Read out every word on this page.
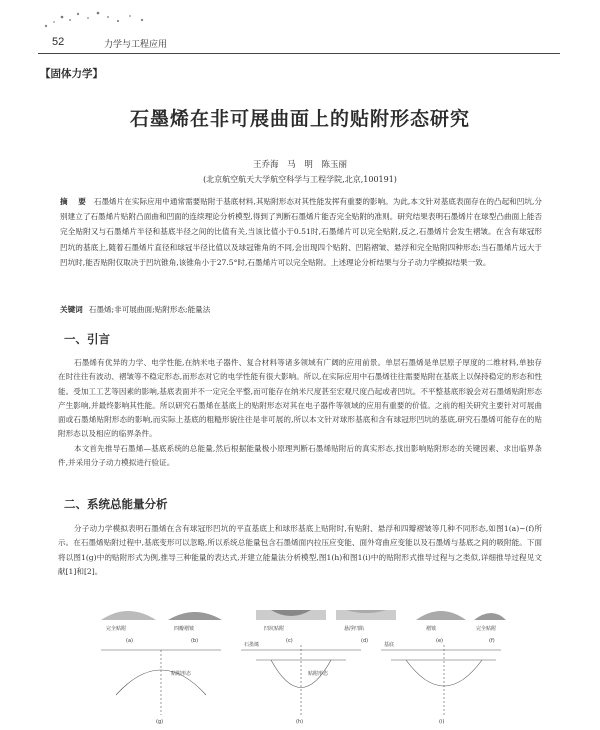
52	力学与工程应用
【固体力学】
石墨烯在非可展曲面上的贴附形态研究
王乔海 马 明 陈玉丽
(北京航空航天大学航空科学与工程学院,北京,100191)
摘 要 石墨烯片在实际应用中通常需要贴附于基底材料,其贴附形态对其性能发挥有重要的影响。为此,本文针对基底表面存在的凸起和凹坑,分别建立了石墨烯片贴附凸面曲和凹面的连续理论分析模型,得到了判断石墨烯片能否完全贴附的准则。研究结果表明石墨烯片在球型凸曲面上能否完全贴附又与石墨烯片半径和基底半径之间的比值有关,当该比值小于0.51时,石墨烯片可以完全贴附,反之,石墨烯片会发生褶皱。在含有球冠形凹坑的基底上,随着石墨烯片直径和球冠半径比值以及球冠锥角的不同,会出现四个贴附、凹陷褶皱、悬浮和完全贴附四种形态;当石墨烯片远大于凹坑时,能否贴附仅取决于凹坑锥角,该锥角小于27.5°时,石墨烯片可以完全贴附。上述理论分析结果与分子动力学模拟结果一致。
关键词 石墨烯;非可展曲面;贴附形态;能量法
一、引言

石墨烯有优异的力学、电学性能,在纳米电子器件、复合材料等诸多领域有广阔的应用前景。单层石墨烯是单层原子厚度的二维材料,单独存在时往往有波动、褶皱等不稳定形态,而形态对它的电学性能有很大影响。所以,在实际应用中石墨烯往往需要贴附在基底上以保持稳定的形态和性能。受加工工艺等因素的影响,基底表面并不一定完全平整,而可能存在纳米尺度甚至宏观尺度凸起或者凹坑。不平整基底形貌会对石墨烯贴附形态产生影响,并最终影响其性能。所以研究石墨烯在基底上的贴附形态对其在电子器件等领域的应用有重要的价值。之前的相关研究主要针对可展曲面或石墨烯贴附形态的影响,而实际上基底的粗糙形貌往往是非可展的,所以本文针对球形基底和含有球冠形凹坑的基底,研究石墨烯可能存在的贴附形态以及相应的临界条件。

本文首先推导石墨烯—基底系统的总能量,然后根据能量极小原理判断石墨烯贴附后的真实形态,找出影响贴附形态的关键因素、求出临界条件,并采用分子动力模拟进行验证。

二、系统总能量分析

分子动力学模拟表明石墨烯在含有球冠形凹坑的平直基底上和球形基底上贴附时,有贴附、悬浮和四瓣褶皱等几种不同形态,如图1(a)~(f)所示。在石墨烯贴附过程中,基底变形可以忽略,所以系统总能量包含石墨烯面内拉压应变能、面外弯曲应变能以及石墨烯与基底之间的吸附能。下面将以图1(g)中的贴附形式为例,推导三种能量的表达式,并建立能量法分析模型,图1(h)和图1(i)中的贴附形式推导过程与之类似,详细推导过程见文献[1]和[2]。

完全贴附	四瓣褶皱	凹坑贴附	悬浮凹陷	褶皱	完全贴附
贴附形态	贴附形态
石墨烯	基底
(a)	(b)	(c)	(d)	(e)	(f)
(g)	(h)	(i)
